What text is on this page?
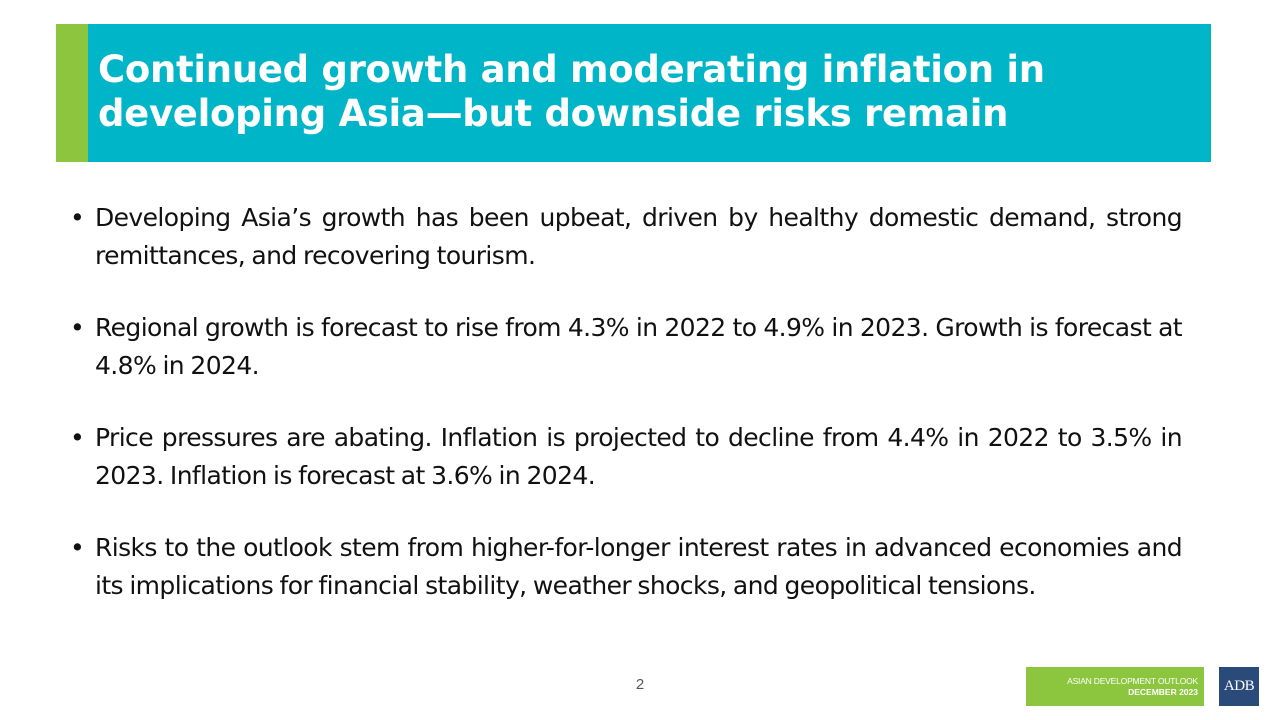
Continued growth and moderating inflation in developing Asia—but downside risks remain
• Developing Asia’s growth has been upbeat, driven by healthy domestic demand, strong remittances, and recovering tourism.
• Regional growth is forecast to rise from 4.3% in 2022 to 4.9% in 2023. Growth is forecast at 4.8% in 2024.
• Price pressures are abating. Inflation is projected to decline from 4.4% in 2022 to 3.5% in 2023. Inflation is forecast at 3.6% in 2024.
• Risks to the outlook stem from higher-for-longer interest rates in advanced economies and its implications for financial stability, weather shocks, and geopolitical tensions.
2	ASIAN DEVELOPMENT OUTLOOK
DECEMBER 2023	ADB
